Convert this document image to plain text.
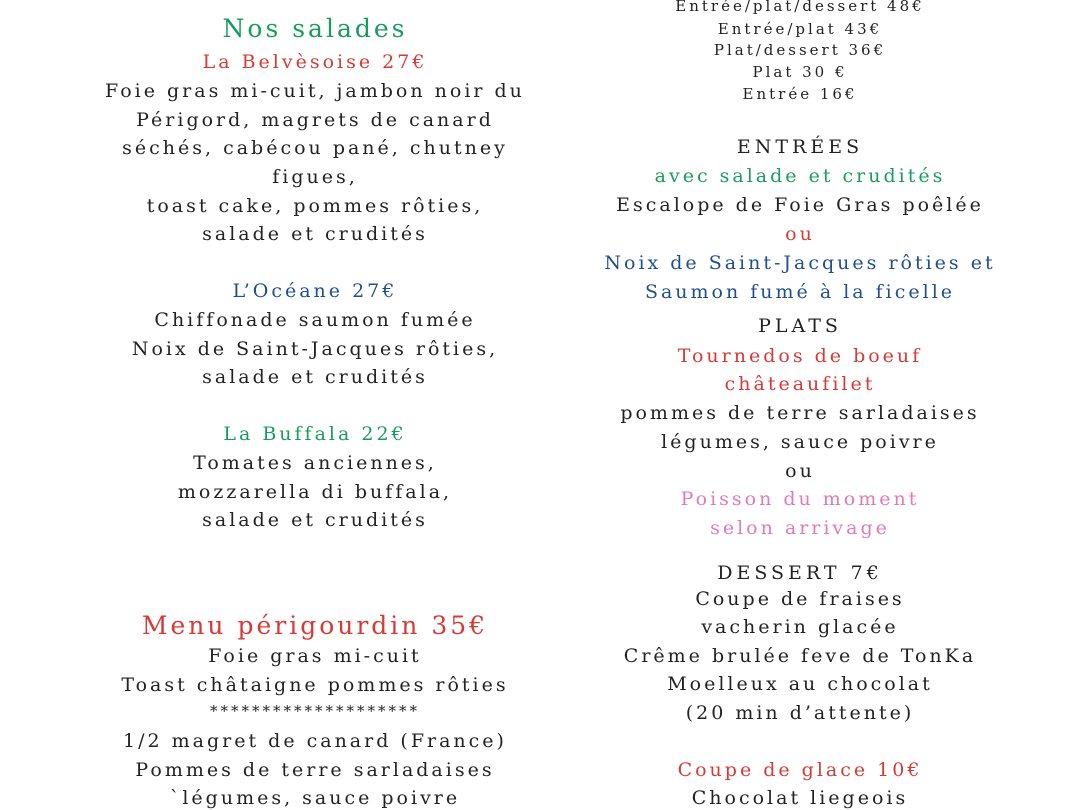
Nos salades
La Belvèsoise 27€
Foie gras mi-cuit, jambon noir du
Périgord, magrets de canard
séchés, cabécou pané, chutney
figues,
toast cake, pommes rôties,
salade et crudités
L’Océane 27€
Chiffonade saumon fumée
Noix de Saint-Jacques rôties,
salade et crudités
La Buffala 22€
Tomates anciennes,
mozzarella di buffala,
salade et crudités
Menu périgourdin 35€
Foie gras mi-cuit
Toast châtaigne pommes rôties
********************
1/2 magret de canard (France)
Pommes de terre sarladaises
`légumes, sauce poivre
Entrée/plat/dessert 48€
Entrée/plat 43€
Plat/dessert 36€
Plat 30 €
Entrée 16€
ENTRÉES
avec salade et crudités
Escalope de Foie Gras poêlée
ou
Noix de Saint-Jacques rôties et
Saumon fumé à la ficelle
PLATS
Tournedos de boeuf
châteaufilet
pommes de terre sarladaises
légumes, sauce poivre
ou
Poisson du moment
selon arrivage
DESSERT 7€
Coupe de fraises
vacherin glacée
Crême brulée feve de TonKa
Moelleux au chocolat
(20 min d’attente)
Coupe de glace 10€
Chocolat liegeois
